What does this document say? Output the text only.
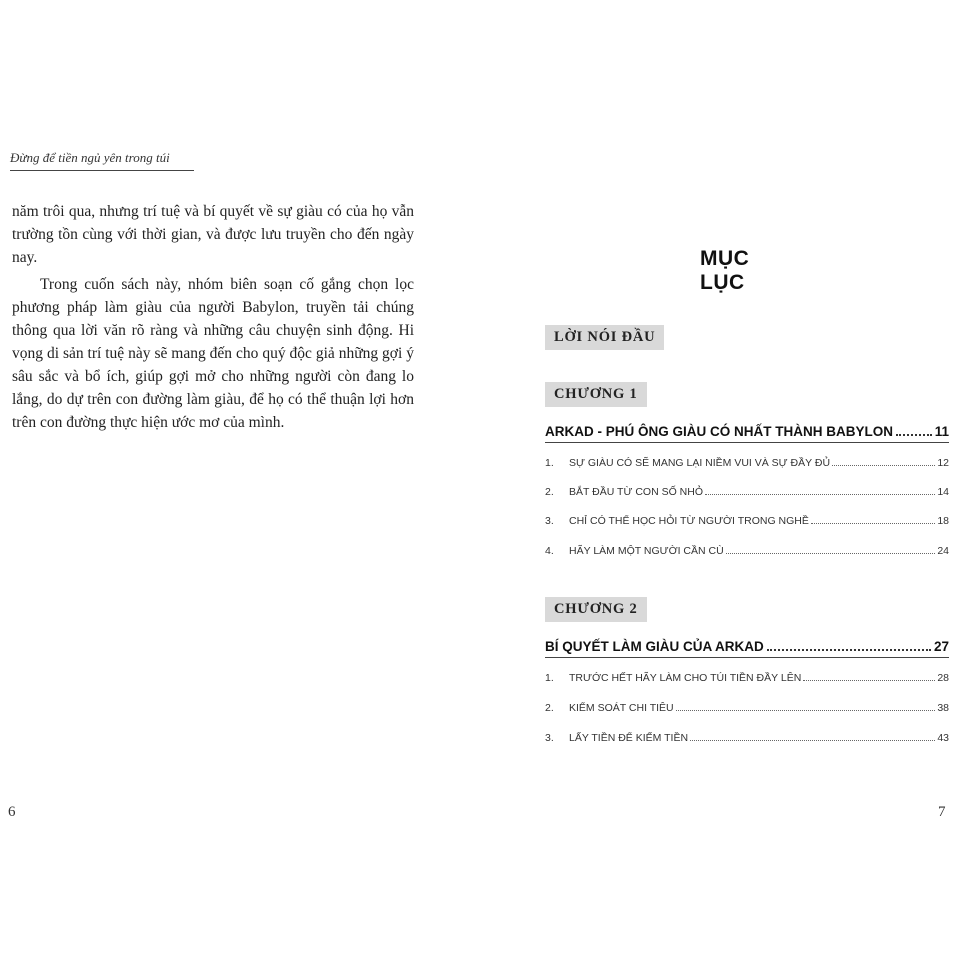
Đừng để tiền ngủ yên trong túi

năm trôi qua, nhưng trí tuệ và bí quyết về sự giàu có của họ vẫn trường tồn cùng với thời gian, và được lưu truyền cho đến ngày nay.

Trong cuốn sách này, nhóm biên soạn cố gắng chọn lọc phương pháp làm giàu của người Babylon, truyền tải chúng thông qua lời văn rõ ràng và những câu chuyện sinh động. Hi vọng di sản trí tuệ này sẽ mang đến cho quý độc giả những gợi ý sâu sắc và bổ ích, giúp gợi mở cho những người còn đang lo lắng, do dự trên con đường làm giàu, để họ có thể thuận lợi hơn trên con đường thực hiện ước mơ của mình.

6
MỤC LỤC
LỜI NÓI ĐẦU
CHƯƠNG 1
ARKAD - PHÚ ÔNG GIÀU CÓ NHẤT THÀNH BABYLON	11
1.	SỰ GIÀU CÓ SẼ MANG LẠI NIỀM VUI VÀ SỰ ĐẦY ĐỦ	12
2.	BẮT ĐẦU TỪ CON SỐ NHỎ	14
3.	CHỈ CÓ THỂ HỌC HỎI TỪ NGƯỜI TRONG NGHỀ	18
4.	HÃY LÀM MỘT NGƯỜI CẦN CÙ	24
CHƯƠNG 2
BÍ QUYẾT LÀM GIÀU CỦA ARKAD	27
1.	TRƯỚC HẾT HÃY LÀM CHO TÚI TIỀN ĐẦY LÊN	28
2.	KIỂM SOÁT CHI TIÊU	38
3.	LẤY TIỀN ĐỂ KIẾM TIỀN	43
7
